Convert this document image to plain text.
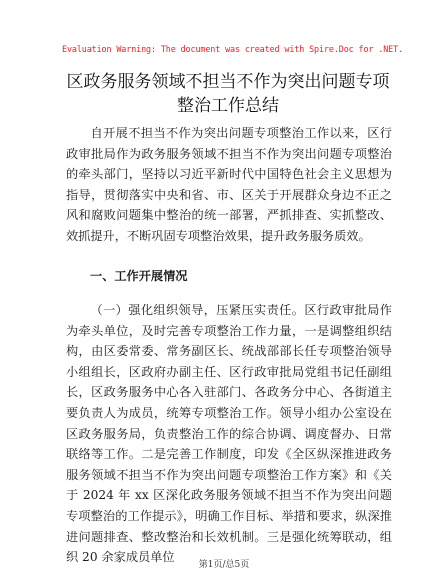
Evaluation Warning: The document was created with Spire.Doc for .NET.
区政务服务领域不担当不作为突出问题专项整治工作总结
自开展不担当不作为突出问题专项整治工作以来，区行政审批局作为政务服务领域不担当不作为突出问题专项整治的牵头部门，坚持以习近平新时代中国特色社会主义思想为指导，贯彻落实中央和省、市、区关于开展群众身边不正之风和腐败问题集中整治的统一部署，严抓排查、实抓整改、效抓提升，不断巩固专项整治效果，提升政务服务质效。
一、工作开展情况
（一）强化组织领导，压紧压实责任。区行政审批局作为牵头单位，及时完善专项整治工作力量，一是调整组织结构，由区委常委、常务副区长、统战部部长任专项整治领导小组组长，区政府办副主任、区行政审批局党组书记任副组长，区政务服务中心各入驻部门、各政务分中心、各街道主要负责人为成员，统筹专项整治工作。领导小组办公室设在区政务服务局，负责整治工作的综合协调、调度督办、日常联络等工作。二是完善工作制度，印发《全区纵深推进政务服务领域不担当不作为突出问题专项整治工作方案》和《关于 2024 年 xx 区深化政务服务领域不担当不作为突出问题专项整治的工作提示》，明确工作目标、举措和要求，纵深推进问题排查、整改整治和长效机制。三是强化统筹联动，组织 20 余家成员单位
第1页/总5页
